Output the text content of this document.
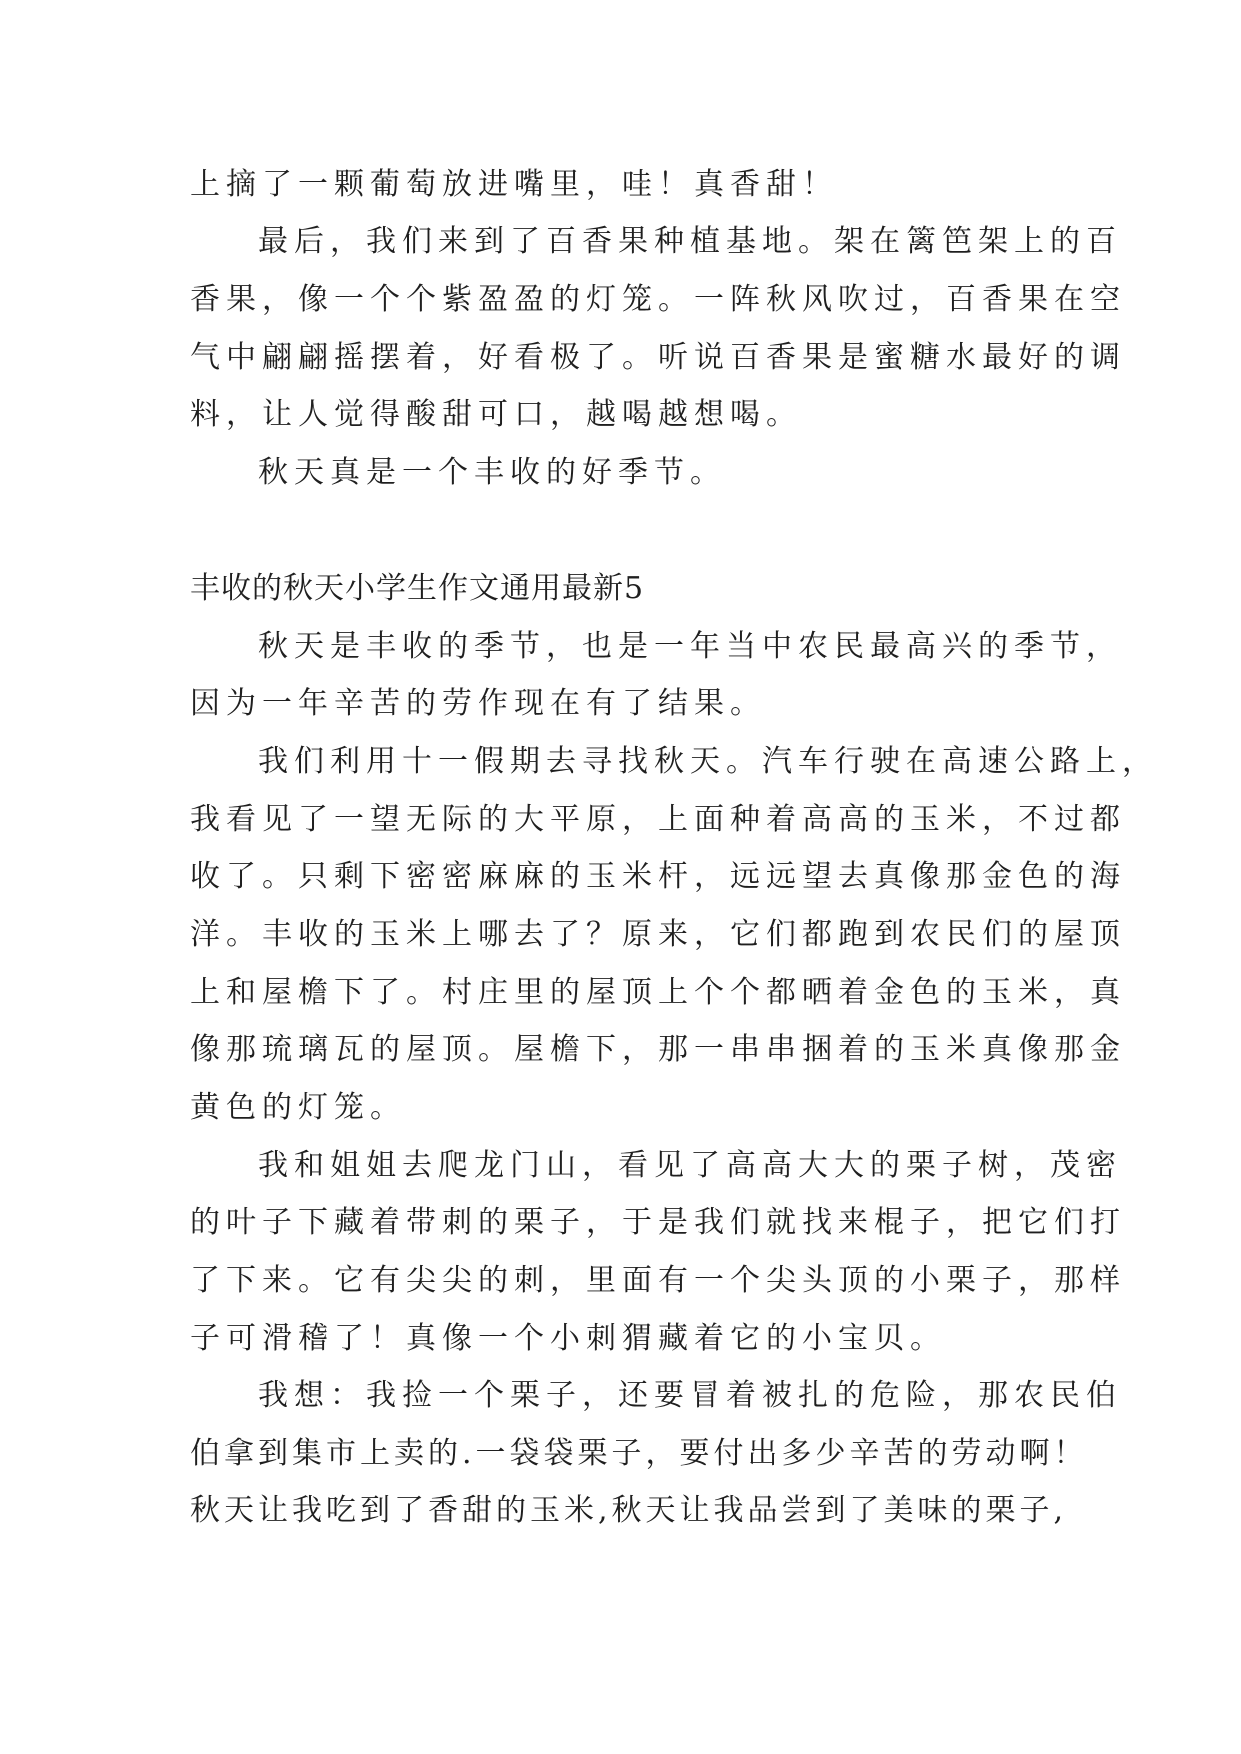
上摘了一颗葡萄放进嘴里，哇！真香甜！
最后，我们来到了百香果种植基地。架在篱笆架上的百
香果，像一个个紫盈盈的灯笼。一阵秋风吹过，百香果在空
气中翩翩摇摆着，好看极了。听说百香果是蜜糖水最好的调
料，让人觉得酸甜可口，越喝越想喝。
秋天真是一个丰收的好季节。
丰收的秋天小学生作文通用最新5
秋天是丰收的季节，也是一年当中农民最高兴的季节，
因为一年辛苦的劳作现在有了结果。
我们利用十一假期去寻找秋天。汽车行驶在高速公路上，
我看见了一望无际的大平原，上面种着高高的玉米，不过都
收了。只剩下密密麻麻的玉米杆，远远望去真像那金色的海
洋。丰收的玉米上哪去了？原来，它们都跑到农民们的屋顶
上和屋檐下了。村庄里的屋顶上个个都晒着金色的玉米，真
像那琉璃瓦的屋顶。屋檐下，那一串串捆着的玉米真像那金
黄色的灯笼。
我和姐姐去爬龙门山，看见了高高大大的栗子树，茂密
的叶子下藏着带刺的栗子，于是我们就找来棍子，把它们打
了下来。它有尖尖的刺，里面有一个尖头顶的小栗子，那样
子可滑稽了！真像一个小刺猬藏着它的小宝贝。
我想：我捡一个栗子，还要冒着被扎的危险，那农民伯
伯拿到集市上卖的.一袋袋栗子，要付出多少辛苦的劳动啊！
秋天让我吃到了香甜的玉米,秋天让我品尝到了美味的栗子,
